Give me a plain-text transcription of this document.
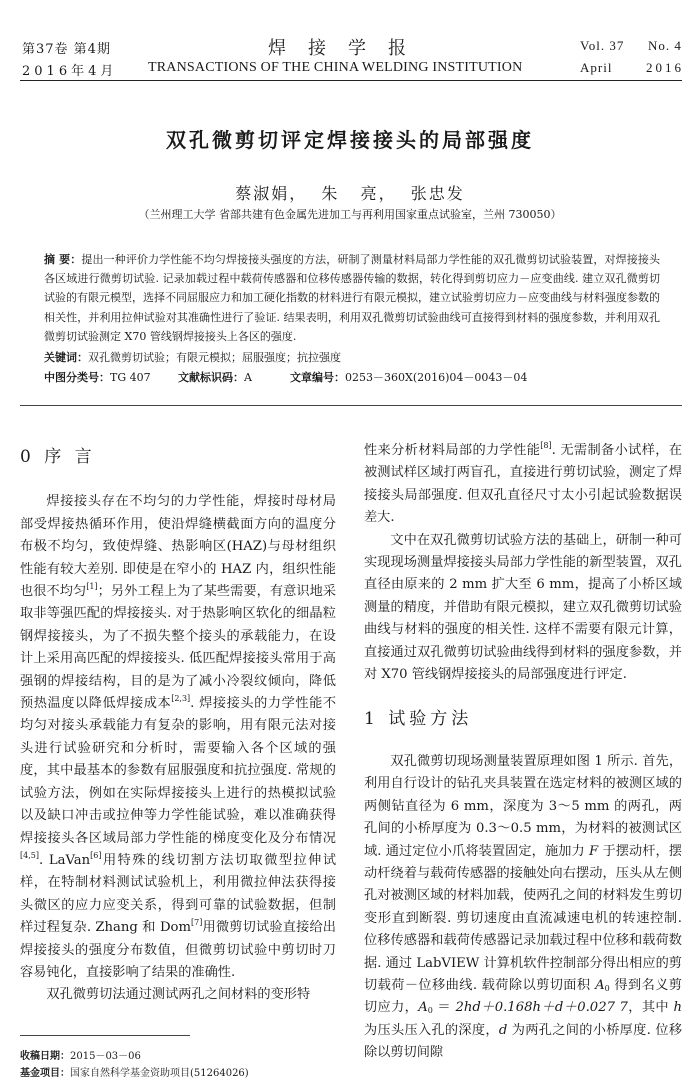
第37卷 第4期
2016年4月
焊接学报
TRANSACTIONS OF THE CHINA WELDING INSTITUTION
Vol. 37 No. 4
April	2016
双孔微剪切评定焊接接头的局部强度
蔡淑娟，  朱   亮，  张忠发
（兰州理工大学 省部共建有色金属先进加工与再利用国家重点试验室，兰州 730050）
摘 要：提出一种评价力学性能不均匀焊接接头强度的方法，研制了测量材料局部力学性能的双孔微剪切试验装置，对焊接接头各区域进行微剪切试验. 记录加载过程中载荷传感器和位移传感器传输的数据，转化得到剪切应力－应变曲线. 建立双孔微剪切试验的有限元模型，选择不同屈服应力和加工硬化指数的材料进行有限元模拟，建立试验剪切应力－应变曲线与材料强度参数的相关性，并利用拉伸试验对其准确性进行了验证. 结果表明，利用双孔微剪切试验曲线可直接得到材料的强度参数，并利用双孔微剪切试验测定 X70 管线钢焊接接头上各区的强度.
关键词：双孔微剪切试验；有限元模拟；屈服强度；抗拉强度
中图分类号：TG 407 文献标识码：A	文章编号：0253－360X(2016)04－0043－04
0 序 言

焊接接头存在不均匀的力学性能，焊接时母材局部受焊接热循环作用，使沿焊缝横截面方向的温度分布极不均匀，致使焊缝、热影响区(HAZ)与母材组织性能有较大差别. 即使是在窄小的 HAZ 内，组织性能也很不均匀[1]；另外工程上为了某些需要，有意识地采取非等强匹配的焊接接头. 对于热影响区软化的细晶粒钢焊接接头，为了不损失整个接头的承载能力，在设计上采用高匹配的焊接接头. 低匹配焊接接头常用于高强钢的焊接结构，目的是为了减小冷裂纹倾向，降低预热温度以降低焊接成本[2,3]. 焊接接头的力学性能不均匀对接头承载能力有复杂的影响，用有限元法对接头进行试验研究和分析时，需要输入各个区域的强度，其中最基本的参数有屈服强度和抗拉强度. 常规的试验方法，例如在实际焊接接头上进行的热模拟试验以及缺口冲击或拉伸等力学性能试验，难以准确获得焊接接头各区域局部力学性能的梯度变化及分布情况[4,5]. LaVan[6]用特殊的线切割方法切取微型拉伸试样，在特制材料测试试验机上，利用微拉伸法获得接头微区的应力应变关系，得到可靠的试验数据，但制样过程复杂. Zhang 和 Dom[7]用微剪切试验直接给出焊接接头的强度分布数值，但微剪切试验中剪切时刀容易钝化，直接影响了结果的准确性.

双孔微剪切法通过测试两孔之间材料的变形特

性来分析材料局部的力学性能[8]. 无需制备小试样，在被测试样区域打两盲孔，直接进行剪切试验，测定了焊接接头局部强度. 但双孔直径尺寸太小引起试验数据误差大.

文中在双孔微剪切试验方法的基础上，研制一种可实现现场测量焊接接头局部力学性能的新型装置，双孔直径由原来的 2 mm 扩大至 6 mm，提高了小桥区域测量的精度，并借助有限元模拟，建立双孔微剪切试验曲线与材料的强度的相关性. 这样不需要有限元计算，直接通过双孔微剪切试验曲线得到材料的强度参数，并对 X70 管线钢焊接接头的局部强度进行评定.

1 试验方法

双孔微剪切现场测量装置原理如图 1 所示. 首先，利用自行设计的钻孔夹具装置在选定材料的被测区域的两侧钻直径为 6 mm，深度为 3～5 mm 的两孔，两孔间的小桥厚度为 0.3～0.5 mm，为材料的被测试区域. 通过定位小爪将装置固定，施加力 F 于摆动杆，摆动杆绕着与载荷传感器的接触处向右摆动，压头从左侧孔对被测区域的材料加载，使两孔之间的材料发生剪切变形直到断裂. 剪切速度由直流减速电机的转速控制. 位移传感器和载荷传感器记录加载过程中位移和载荷数据. 通过 LabVIEW 计算机软件控制部分得出相应的剪切载荷－位移曲线. 载荷除以剪切面积 $A_0$ 得到名义剪切应力，$A_0 = 2hd+0.168h+d+0.027$ 7，其中 h 为压头压入孔的深度，d 为两孔之间的小桥厚度. 位移除以剪切间隙

收稿日期：2015－03－06
基金项目：国家自然科学基金资助项目(51264026)
